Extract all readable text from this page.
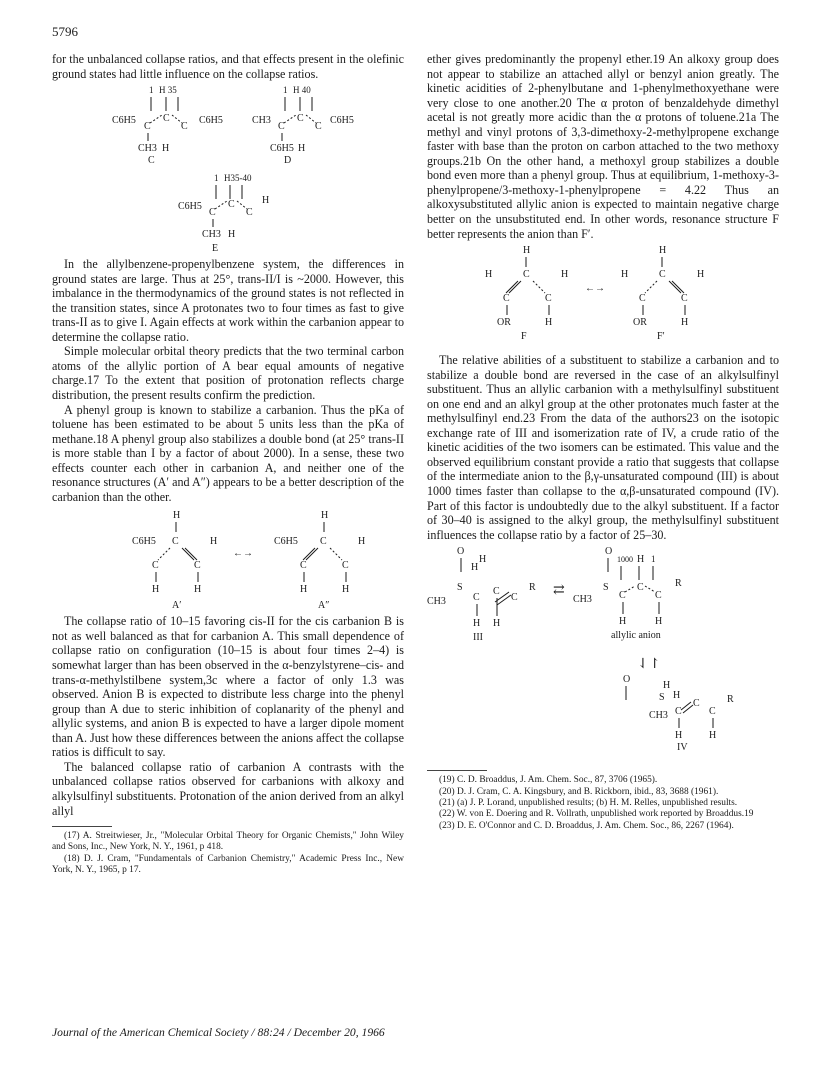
5796

for the unbalanced collapse ratios, and that effects present in the olefinic ground states had little influence on the collapse ratios.

1 H 35
C6H5
C
C
C
C6H5
CH3 H
C
1 H 40
CH3
C
C
C
C6H5
C6H5 H
D
1 H35-40
C6H5
C
C
C
H
CH3 H
E

In the allylbenzene-propenylbenzene system, the differences in ground states are large. Thus at 25°, trans-II/I is ~2000. However, this imbalance in the thermodynamics of the ground states is not reflected in the transition states, since A protonates two to four times as fast to give trans-II as to give I. Again effects at work within the carbanion appear to determine the collapse ratio.

Simple molecular orbital theory predicts that the two terminal carbon atoms of the allylic portion of A bear equal amounts of negative charge.17 To the extent that position of protonation reflects charge distribution, the present results confirm the prediction.

A phenyl group is known to stabilize a carbanion. Thus the pKa of toluene has been estimated to be about 5 units less than the pKa of methane.18 A phenyl group also stabilizes a double bond (at 25° trans-II is more stable than I by a factor of about 2000). In a sense, these two effects counter each other in carbanion A, and neither one of the resonance structures (A′ and A″) appears to be a better description of the carbanion than the other.

H
C6H5 C	H
C	C
H	H
A′
←→
H
C6H5 C	H
C	C
H	H
A″

The collapse ratio of 10–15 favoring cis-II for the cis carbanion B is not as well balanced as that for carbanion A. This small dependence of collapse ratio on configuration (10–15 is about four times 2–4) is somewhat larger than has been observed in the α-benzylstyrene–cis- and trans-α-methylstilbene system,3c where a factor of only 1.3 was observed. Anion B is expected to distribute less charge into the phenyl group than A due to steric inhibition of coplanarity of the phenyl and allylic systems, and anion B is expected to have a larger dipole moment than A. Just how these differences between the anions affect the collapse ratios is difficult to say.

The balanced collapse ratio of carbanion A contrasts with the unbalanced collapse ratios observed for carbanions with alkoxy and alkylsulfinyl substituents. Protonation of the anion derived from an alkyl allyl

(17) A. Streitwieser, Jr., "Molecular Orbital Theory for Organic Chemists," John Wiley and Sons, Inc., New York, N. Y., 1961, p 418.

(18) D. J. Cram, "Fundamentals of Carbanion Chemistry," Academic Press Inc., New York, N. Y., 1965, p 17.

ether gives predominantly the propenyl ether.19 An alkoxy group does not appear to stabilize an attached allyl or benzyl anion greatly. The kinetic acidities of 2-phenylbutane and 1-phenylmethoxyethane were very close to one another.20 The α proton of benzaldehyde dimethyl acetal is not greatly more acidic than the α protons of toluene.21a The methyl and vinyl protons of 3,3-dimethoxy-2-methylpropene exchange faster with base than the proton on carbon attached to the two methoxy groups.21b On the other hand, a methoxyl group stabilizes a double bond even more than a phenyl group. Thus at equilibrium, 1-methoxy-3-phenylpropene/3-methoxy-1-phenylpropene = 4.22 Thus an alkoxysubstituted allylic anion is expected to maintain negative charge better on the unsubstituted end. In other words, resonance structure F better represents the anion than F′.

H
H	C	H
C	C
OR	H
F
←→
H
H	C	H
C	C
OR	H
F′

The relative abilities of a substituent to stabilize a carbanion and to stabilize a double bond are reversed in the case of an alkylsulfinyl substituent. Thus an allylic carbanion with a methylsulfinyl substituent on one end and an alkyl group at the other protonates much faster at the methylsulfinyl end.23 From the data of the authors23 on the isotopic exchange rate of III and isomerization rate of IV, a crude ratio of the kinetic acidities of the two isomers can be estimated. This value and the observed equilibrium constant provide a ratio that suggests that collapse of the intermediate anion to the β,γ-unsaturated compound (III) is about 1000 times faster than collapse to the α,β-unsaturated compound (IV). Part of this factor is undoubtedly due to the alkyl substituent. If a factor of 30–40 is assigned to the alkyl group, the methylsulfinyl substituent influences the collapse ratio by a factor of 25–30.

O
H
H
CH3
S
C
C
C
R
H H
III
⇄
O
1000 H 1
CH3
S
C
C
C
R
H	H
allylic anion
⇃↾
O
H
H
CH3
S
C
C
C
R
H	H
IV

(19) C. D. Broaddus, J. Am. Chem. Soc., 87, 3706 (1965).

(20) D. J. Cram, C. A. Kingsbury, and B. Rickborn, ibid., 83, 3688 (1961).

(21) (a) J. P. Lorand, unpublished results; (b) H. M. Relles, unpublished results.

(22) W. von E. Doering and R. Vollrath, unpublished work reported by Broaddus.19

(23) D. E. O'Connor and C. D. Broaddus, J. Am. Chem. Soc., 86, 2267 (1964).

Journal of the American Chemical Society / 88:24 / December 20, 1966
